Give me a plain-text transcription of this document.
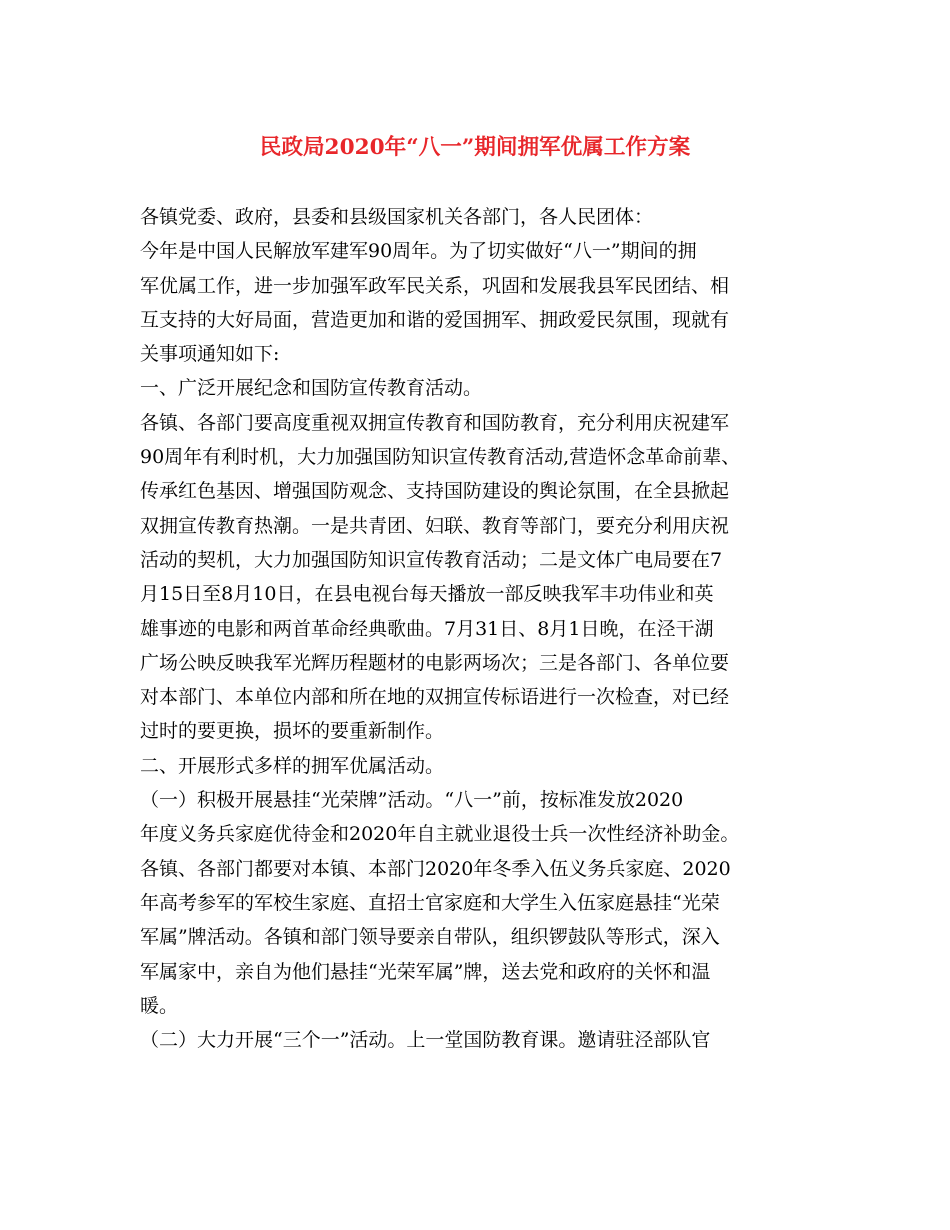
民政局2020年“八一”期间拥军优属工作方案
各镇党委、政府，县委和县级国家机关各部门，各人民团体：
今年是中国人民解放军建军90周年。为了切实做好“八一”期间的拥
军优属工作，进一步加强军政军民关系，巩固和发展我县军民团结、相
互支持的大好局面，营造更加和谐的爱国拥军、拥政爱民氛围，现就有
关事项通知如下:
一、广泛开展纪念和国防宣传教育活动。
各镇、各部门要高度重视双拥宣传教育和国防教育，充分利用庆祝建军
90周年有利时机，大力加强国防知识宣传教育活动,营造怀念革命前辈、
传承红色基因、增强国防观念、支持国防建设的舆论氛围，在全县掀起
双拥宣传教育热潮。一是共青团、妇联、教育等部门，要充分利用庆祝
活动的契机，大力加强国防知识宣传教育活动；二是文体广电局要在7
月15日至8月10日，在县电视台每天播放一部反映我军丰功伟业和英
雄事迹的电影和两首革命经典歌曲。7月31日、8月1日晚，在泾干湖
广场公映反映我军光辉历程题材的电影两场次；三是各部门、各单位要
对本部门、本单位内部和所在地的双拥宣传标语进行一次检查，对已经
过时的要更换，损坏的要重新制作。
二、开展形式多样的拥军优属活动。
（一）积极开展悬挂“光荣牌”活动。“八一”前，按标准发放2020
年度义务兵家庭优待金和2020年自主就业退役士兵一次性经济补助金。
各镇、各部门都要对本镇、本部门2020年冬季入伍义务兵家庭、2020
年高考参军的军校生家庭、直招士官家庭和大学生入伍家庭悬挂“光荣
军属”牌活动。各镇和部门领导要亲自带队，组织锣鼓队等形式，深入
军属家中，亲自为他们悬挂“光荣军属”牌，送去党和政府的关怀和温
暖。
（二）大力开展“三个一”活动。上一堂国防教育课。邀请驻泾部队官
